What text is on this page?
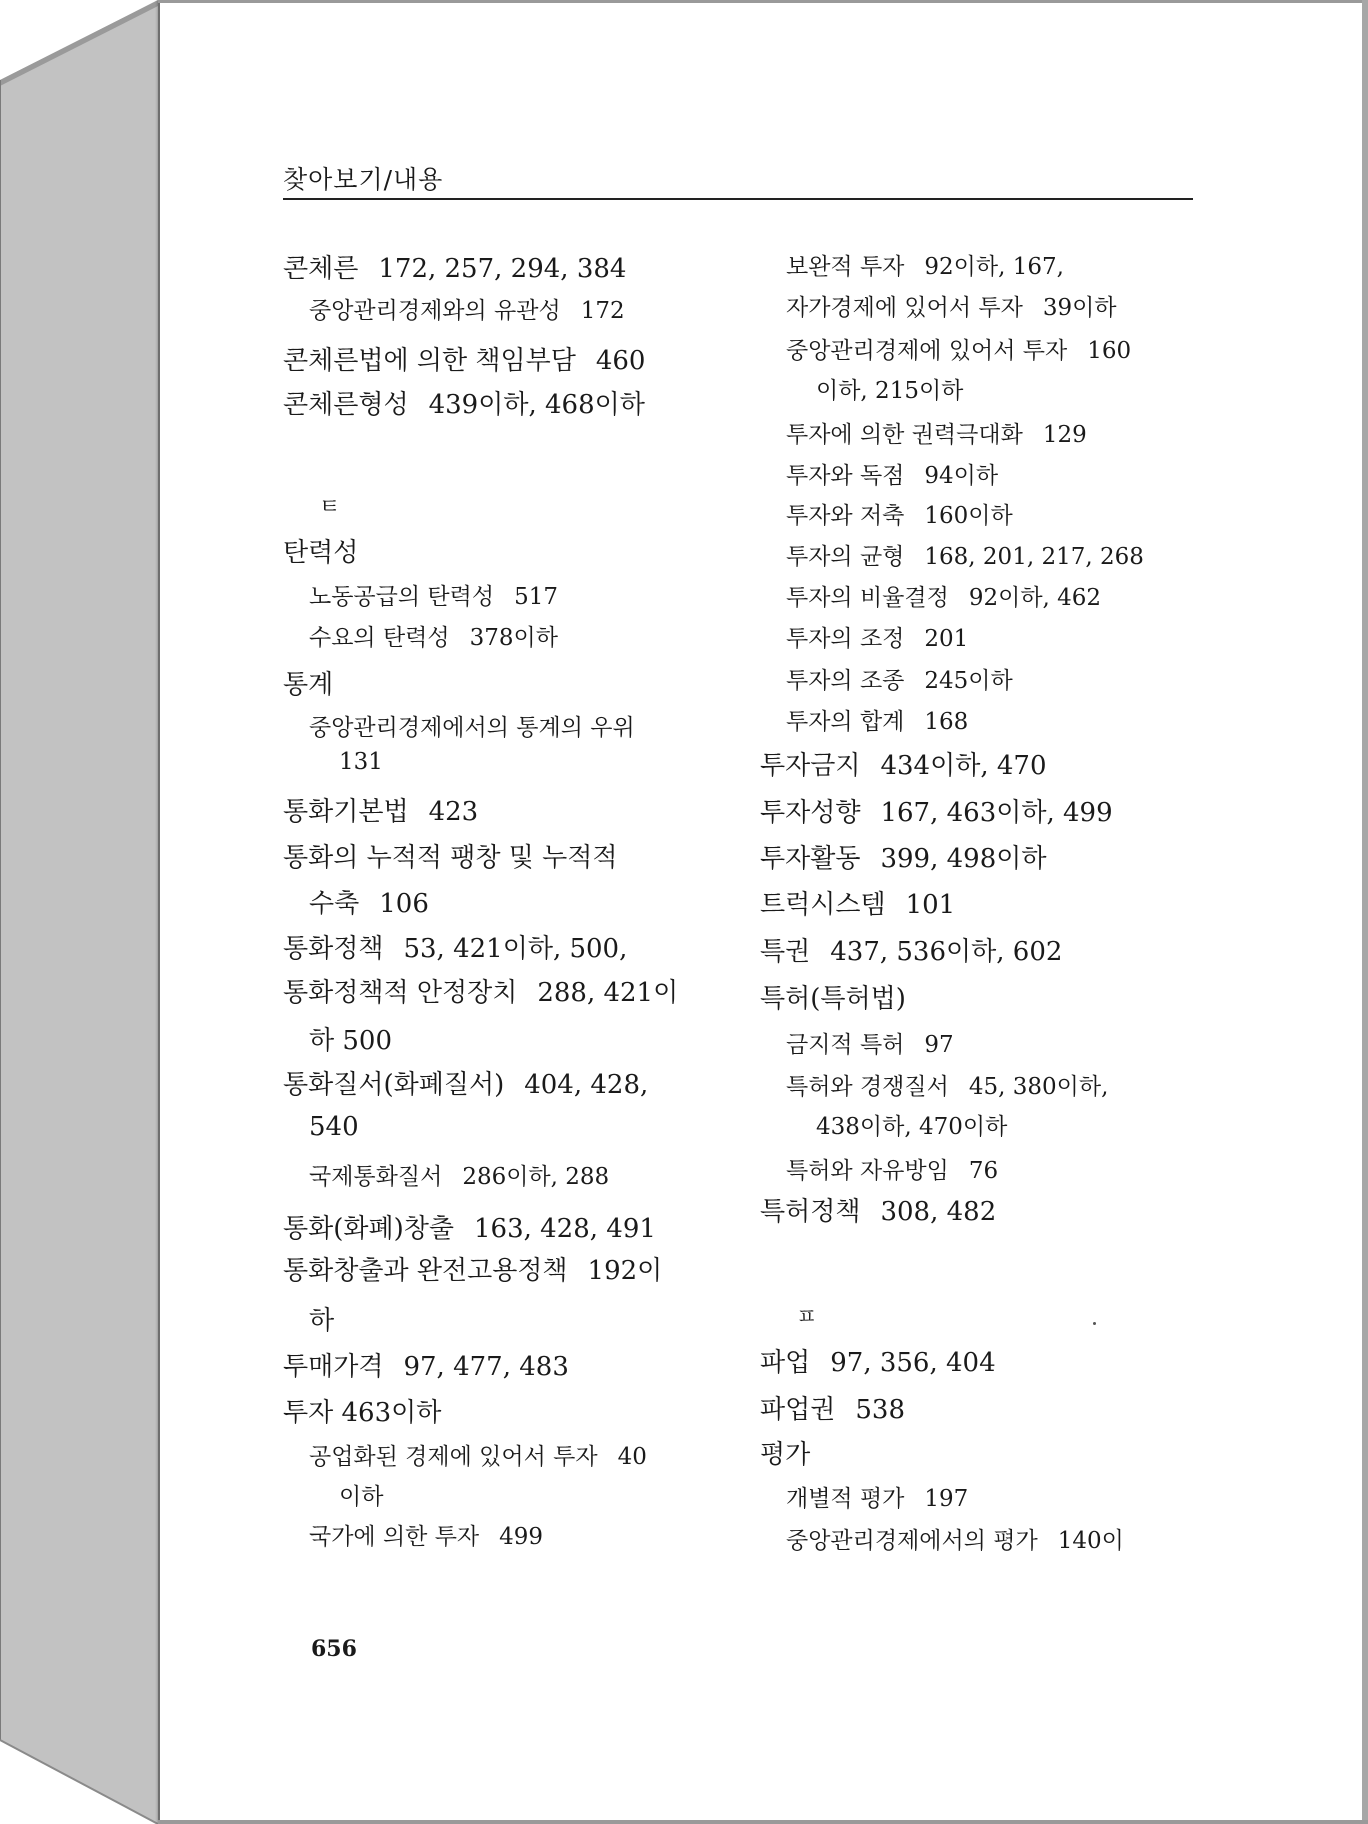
찾아보기/내용
콘체른 172, 257, 294, 384
중앙관리경제와의 유관성 172
콘체른법에 의한 책임부담 460
콘체른형성 439이하, 468이하
ㅌ
탄력성
노동공급의 탄력성 517
수요의 탄력성 378이하
통계
중앙관리경제에서의 통계의 우위
131
통화기본법 423
통화의 누적적 팽창 및 누적적
수축 106
통화정책 53, 421이하, 500,
통화정책적 안정장치 288, 421이
하 500
통화질서(화폐질서) 404, 428,
540
국제통화질서 286이하, 288
통화(화폐)창출 163, 428, 491
통화창출과 완전고용정책 192이
하
투매가격 97, 477, 483
투자 463이하
공업화된 경제에 있어서 투자 40
이하
국가에 의한 투자 499
보완적 투자 92이하, 167,
자가경제에 있어서 투자 39이하
중앙관리경제에 있어서 투자 160
이하, 215이하
투자에 의한 권력극대화 129
투자와 독점 94이하
투자와 저축 160이하
투자의 균형 168, 201, 217, 268
투자의 비율결정 92이하, 462
투자의 조정 201
투자의 조종 245이하
투자의 합계 168
투자금지 434이하, 470
투자성향 167, 463이하, 499
투자활동 399, 498이하
트럭시스템 101
특권 437, 536이하, 602
특허(특허법)
금지적 특허 97
특허와 경쟁질서 45, 380이하,
438이하, 470이하
특허와 자유방임 76
특허정책 308, 482
ㅍ
파업 97, 356, 404
파업권 538
평가
개별적 평가 197
중앙관리경제에서의 평가 140이
656
